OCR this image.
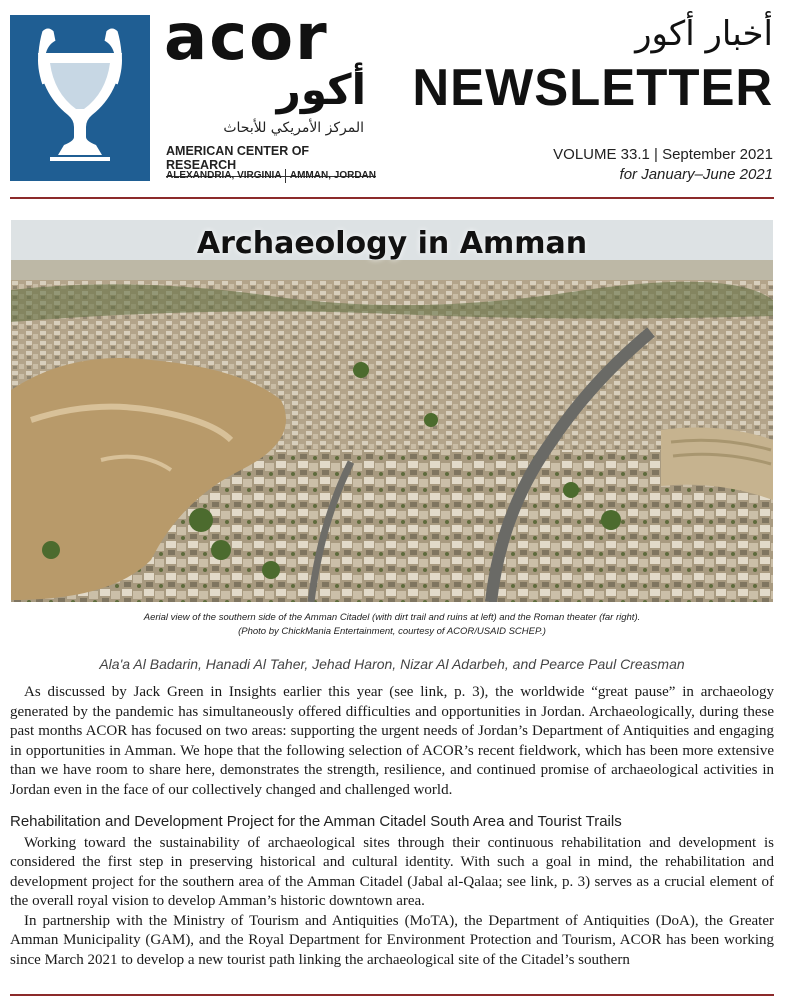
acor
أكور
المركز الأمريكي للأبحاث
AMERICAN CENTER OF RESEARCH
ALEXANDRIA, VIRGINIA AMMAN, JORDAN
أخبار أكور
NEWSLETTER
VOLUME 33.1 | September 2021
for January–June 2021
Archaeology in Amman
Aerial view of the southern side of the Amman Citadel (with dirt trail and ruins at left) and the Roman theater (far right).
(Photo by ChickMania Entertainment, courtesy of ACOR/USAID SCHEP.)
Ala'a Al Badarin, Hanadi Al Taher, Jehad Haron, Nizar Al Adarbeh, and Pearce Paul Creasman

As discussed by Jack Green in Insights earlier this year (see link, p. 3), the worldwide “great pause” in archaeology generated by the pandemic has simultaneously offered difficulties and opportunities in Jordan. Archaeologically, during these past months ACOR has focused on two areas: supporting the urgent needs of Jordan’s Department of Antiquities and engaging in opportunities in Amman. We hope that the following selection of ACOR’s recent fieldwork, which has been more extensive than we have room to share here, demonstrates the strength, resilience, and continued promise of archaeological activities in Jordan even in the face of our collectively changed and challenged world.

Rehabilitation and Development Project for the Amman Citadel South Area and Tourist Trails

Working toward the sustainability of archaeological sites through their continuous rehabilitation and development is considered the first step in preserving historical and cultural identity. With such a goal in mind, the rehabilitation and development project for the southern area of the Amman Citadel (Jabal al-Qalaa; see link, p. 3) serves as a crucial element of the overall royal vision to develop Amman’s historic downtown area.

In partnership with the Ministry of Tourism and Antiquities (MoTA), the Department of Antiquities (DoA), the Greater Amman Municipality (GAM), and the Royal Department for Environment Protection and Tourism, ACOR has been working since March 2021 to develop a new tourist path linking the archaeological site of the Citadel’s southern
